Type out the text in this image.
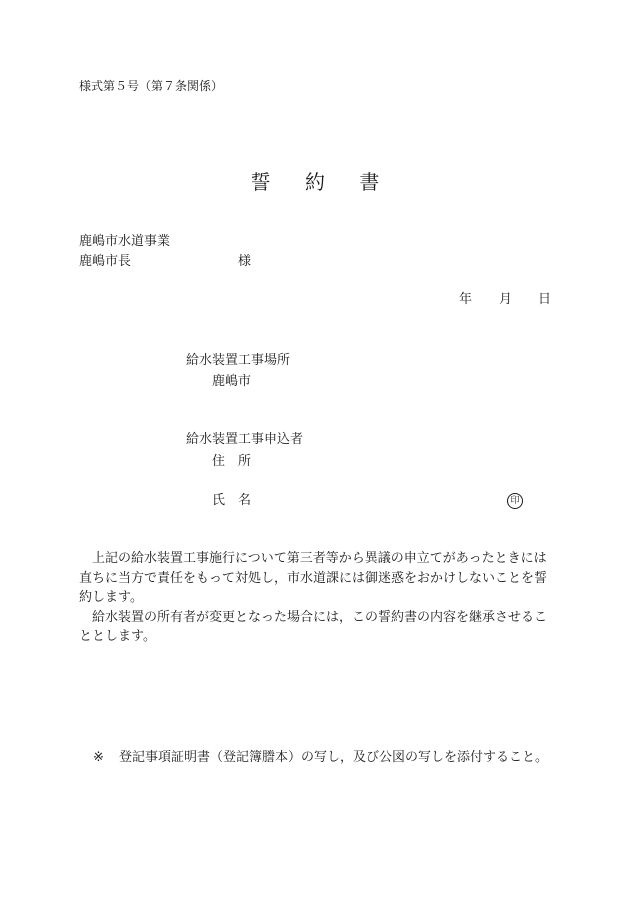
様式第５号（第７条関係）
誓 約 書
鹿嶋市水道事業
鹿嶋市長	様
年 月 日
給水装置工事場所
鹿嶋市
給水装置工事申込者
住　所
氏　名	印

　上記の給水装置工事施行について第三者等から異議の申立てがあったときには直ちに当方で責任をもって対処し，市水道課には御迷惑をおかけしないことを誓約します。

　給水装置の所有者が変更となった場合には，この誓約書の内容を継承させることとします。

※ 登記事項証明書（登記簿謄本）の写し，及び公図の写しを添付すること。
